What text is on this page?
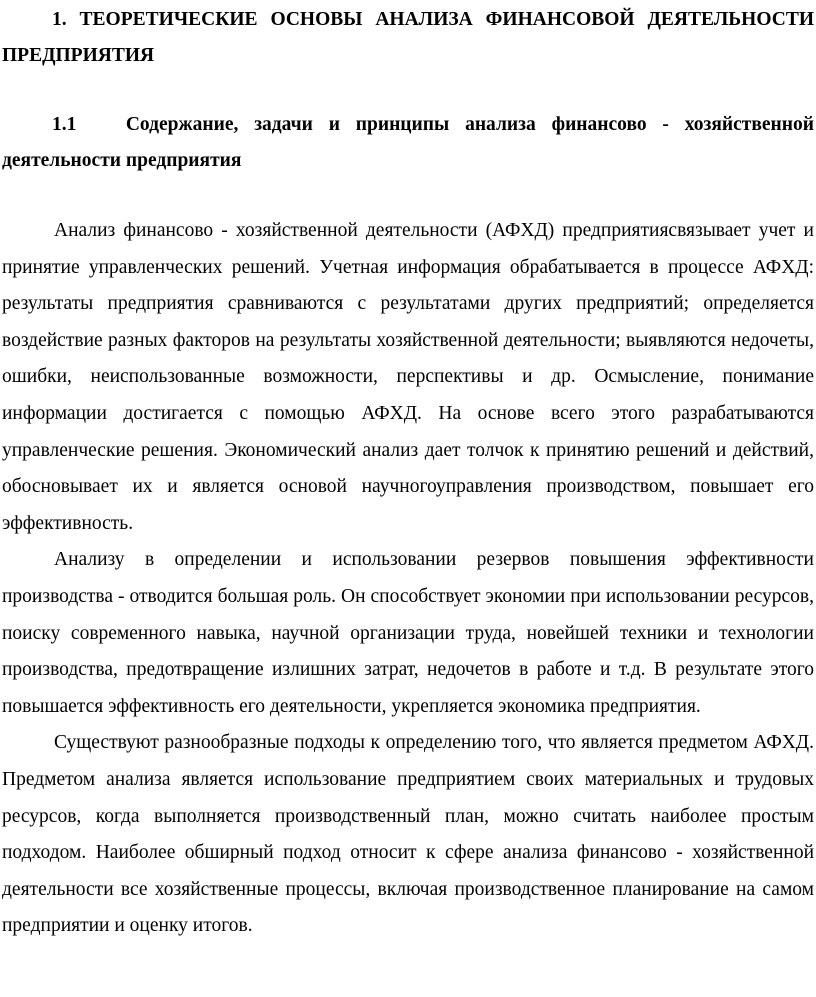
1. ТЕОРЕТИЧЕСКИЕ ОСНОВЫ АНАЛИЗА ФИНАНСОВОЙ ДЕЯТЕЛЬНОСТИ ПРЕДПРИЯТИЯ
1.1	Содержание, задачи и принципы анализа финансово - хозяйственной деятельности предприятия

Анализ финансово - хозяйственной деятельности (АФХД) предприятиясвязывает учет и принятие управленческих решений. Учетная информация обрабатывается в процессе АФХД: результаты предприятия сравниваются с результатами других предприятий; определяется воздействие разных факторов на результаты хозяйственной деятельности; выявляются недочеты, ошибки, неиспользованные возможности, перспективы и др. Осмысление, понимание информации достигается с помощью АФХД. На основе всего этого разрабатываются управленческие решения. Экономический анализ дает толчок к принятию решений и действий, обосновывает их и является основой научногоуправления производством, повышает его эффективность.

Анализу в определении и использовании резервов повышения эффективности производства - отводится большая роль. Он способствует экономии при использовании ресурсов, поиску современного навыка, научной организации труда, новейшей техники и технологии производства, предотвращение излишних затрат, недочетов в работе и т.д. В результате этого повышается эффективность его деятельности, укрепляется экономика предприятия.

Существуют разнообразные подходы к определению того, что является предметом АФХД. Предметом анализа является использование предприятием своих материальных и трудовых ресурсов, когда выполняется производственный план, можно считать наиболее простым подходом. Наиболее обширный подход относит к сфере анализа финансово - хозяйственной деятельности все хозяйственные процессы, включая производственное планирование на самом предприятии и оценку итогов.
